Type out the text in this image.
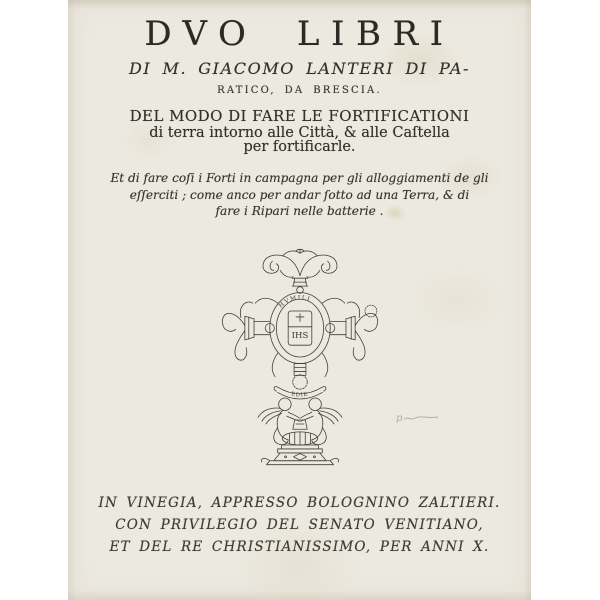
DVO LIBRI
DI M. GIACOMO LANTERI DI PA-
RATICO, DA BRESCIA.
DEL MODO DI FARE LE FORTIFICATIONI
di terra intorno alle Città, & alle Caſtella
per fortificarle.
Et di fare coſi i Forti in campagna per gli alloggiamenti de gli
eſſerciti ; come anco per andar ſotto ad una Terra, & di
fare i Ripari nelle batterie .
HVMILI
IHS
EDIE
p
IN VINEGIA, APPRESSO BOLOGNINO ZALTIERI.
CON PRIVILEGIO DEL SENATO VENITIANO,
ET DEL RE CHRISTIANISSIMO, PER ANNI X.
